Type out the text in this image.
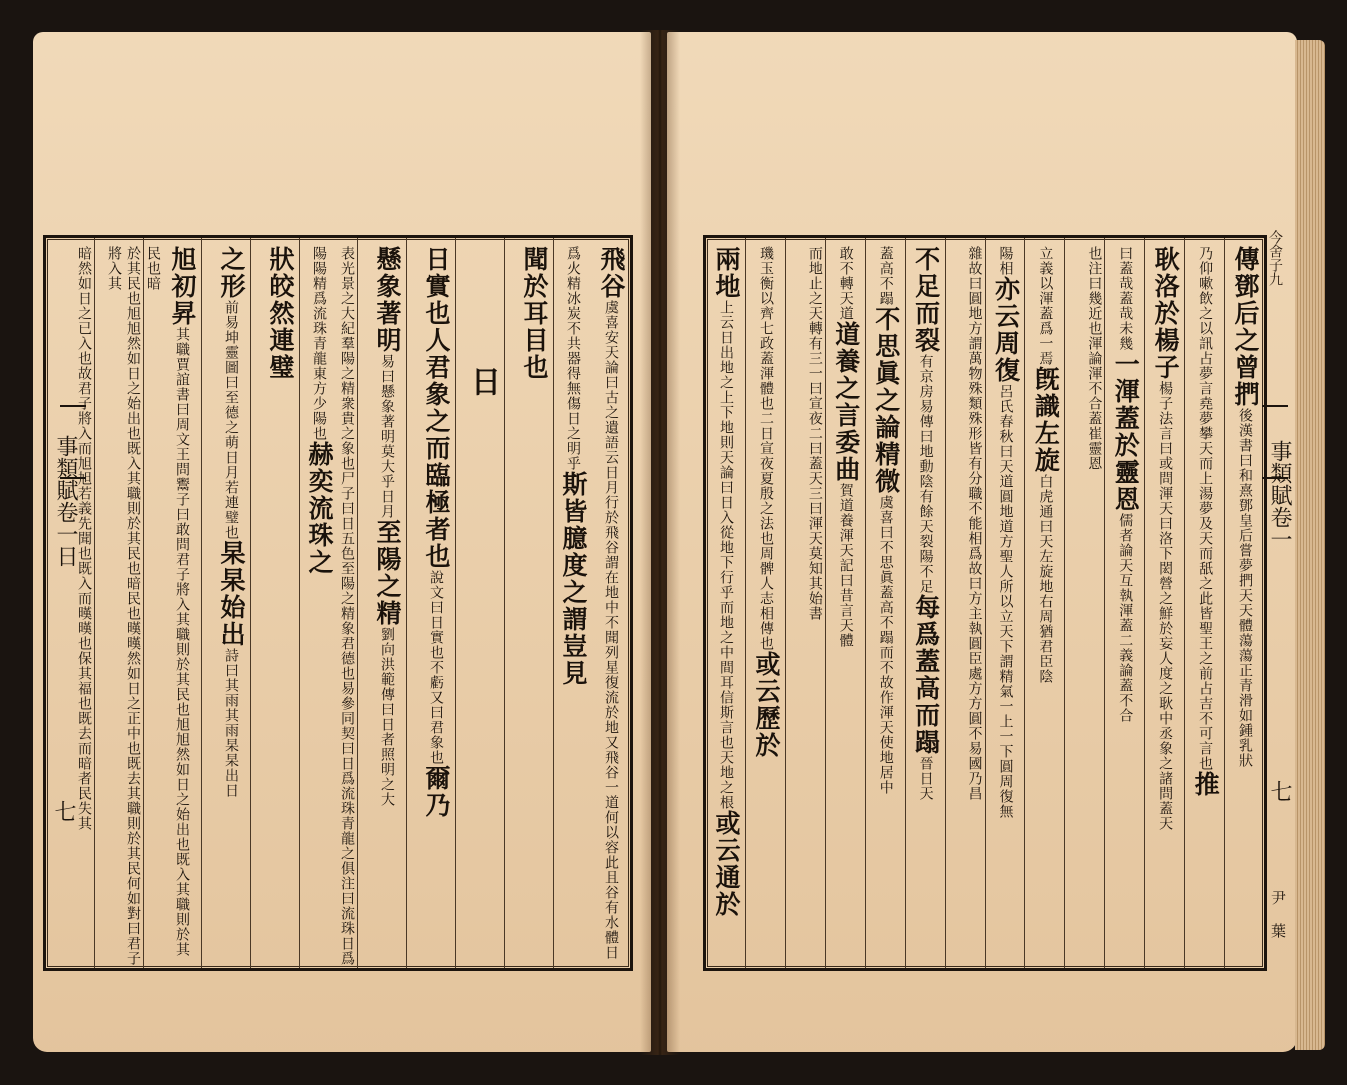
飛谷虞喜安天論曰古之遺語云日月行於飛谷謂在地中不聞列星復流於地又飛谷一道何以容此且谷有水體日爲火精冰炭不共器得無傷日之明乎斯皆臆度之謂豈見
聞於耳目也
日
日實也人君象之而臨極者也說文曰日實也不虧又曰君象也爾乃
懸象著明易曰懸象著明莫大乎日月至陽之精劉向洪範傳曰日者照明之大
表光景之大紀羣陽之精衆貴之象也尸子曰日五色至陽之精象君德也易參同契曰日爲流珠青龍之俱注曰流珠日爲陽陽精爲流珠青龍東方少陽也赫奕流珠之
狀皎然連璧
之形前易坤靈圖曰至德之萌日月若連璧也杲杲始出詩曰其雨其雨杲杲出日
旭初昇其職賈誼書曰周文王問鬻子曰敢問君子將入其職則於其民也旭旭然如日之始出也既入其職則於其民也暗
於其民也旭旭然如日之始出也既入其職則於其民也暗民也暵暵然如日之正中也既去其職則於其民何如對曰君子將入其
暗然如日之已入也故君子將入而旭旭若義先聞也既入而暵暵也保其福也既去而暗者民失其
事類賦卷一日
七
傳鄧后之曾捫後漢書曰和熹鄧皇后嘗夢捫天天體蕩蕩正青滑如鍾乳狀
乃仰嗽飲之以訊占夢言堯夢攀天而上湯夢及天而舐之此皆聖王之前占吉不可言也推
耿洛於楊子楊子法言曰或問渾天曰洛下閎營之鮮於妄人度之耿中丞象之諸問蓋天
曰蓋哉蓋哉未幾一渾蓋於靈恩儒者論天互執渾蓋二義論蓋不合
也注曰幾近也渾論渾不合蓋崔靈恩
立義以渾蓋爲一焉旣識左旋白虎通曰天左旋地右周猶君臣陰
陽相亦云周復呂氏春秋曰天道圓地道方聖人所以立天下謂精氣一上一下圓周復無
雜故曰圓地方謂萬物殊類殊形皆有分職不能相爲故曰方主執圓臣處方方圓不易國乃昌
不足而裂有京房易傳曰地動陰有餘天裂陽不足每爲蓋高而蹋晉日天
蓋高不蹋不思眞之論精微虞喜曰不思眞蓋高不蹋而不故作渾天使地居中
敢不轉天道道養之言委曲賀道養渾天記曰昔言天體
而地止之天轉有三一曰宣夜二曰蓋天三曰渾天莫知其始書
璣玉衡以齊七政蓋渾體也二日宣夜夏殷之法也周髀人志相傳也或云歷於
兩地上云日出地之上下地則天論曰日入從地下行乎而地之中間耳信斯言也天地之根或云通於
今舍子九
事類賦卷一
七
尹 葉
